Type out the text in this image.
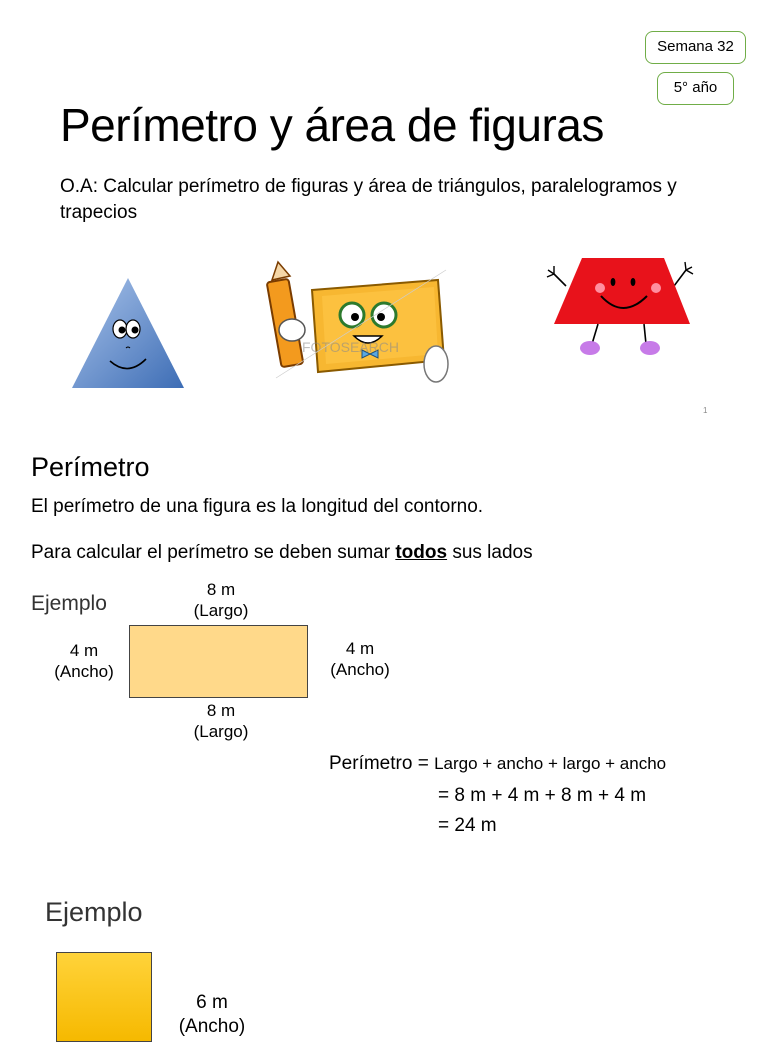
Semana 32
5° año
Perímetro y área de figuras
O.A: Calcular perímetro de figuras y área de triángulos, paralelogramos y trapecios
FOTOSEARCH
1
Perímetro
El perímetro de una figura es la longitud del contorno.
Para calcular el perímetro se deben sumar todos sus lados
Ejemplo
8 m
(Largo)
4 m
(Ancho)
4 m
(Ancho)
8 m
(Largo)
Perímetro = Largo + ancho + largo + ancho
= 8 m + 4 m + 8 m + 4 m
= 24 m
Ejemplo
6 m
(Ancho)
